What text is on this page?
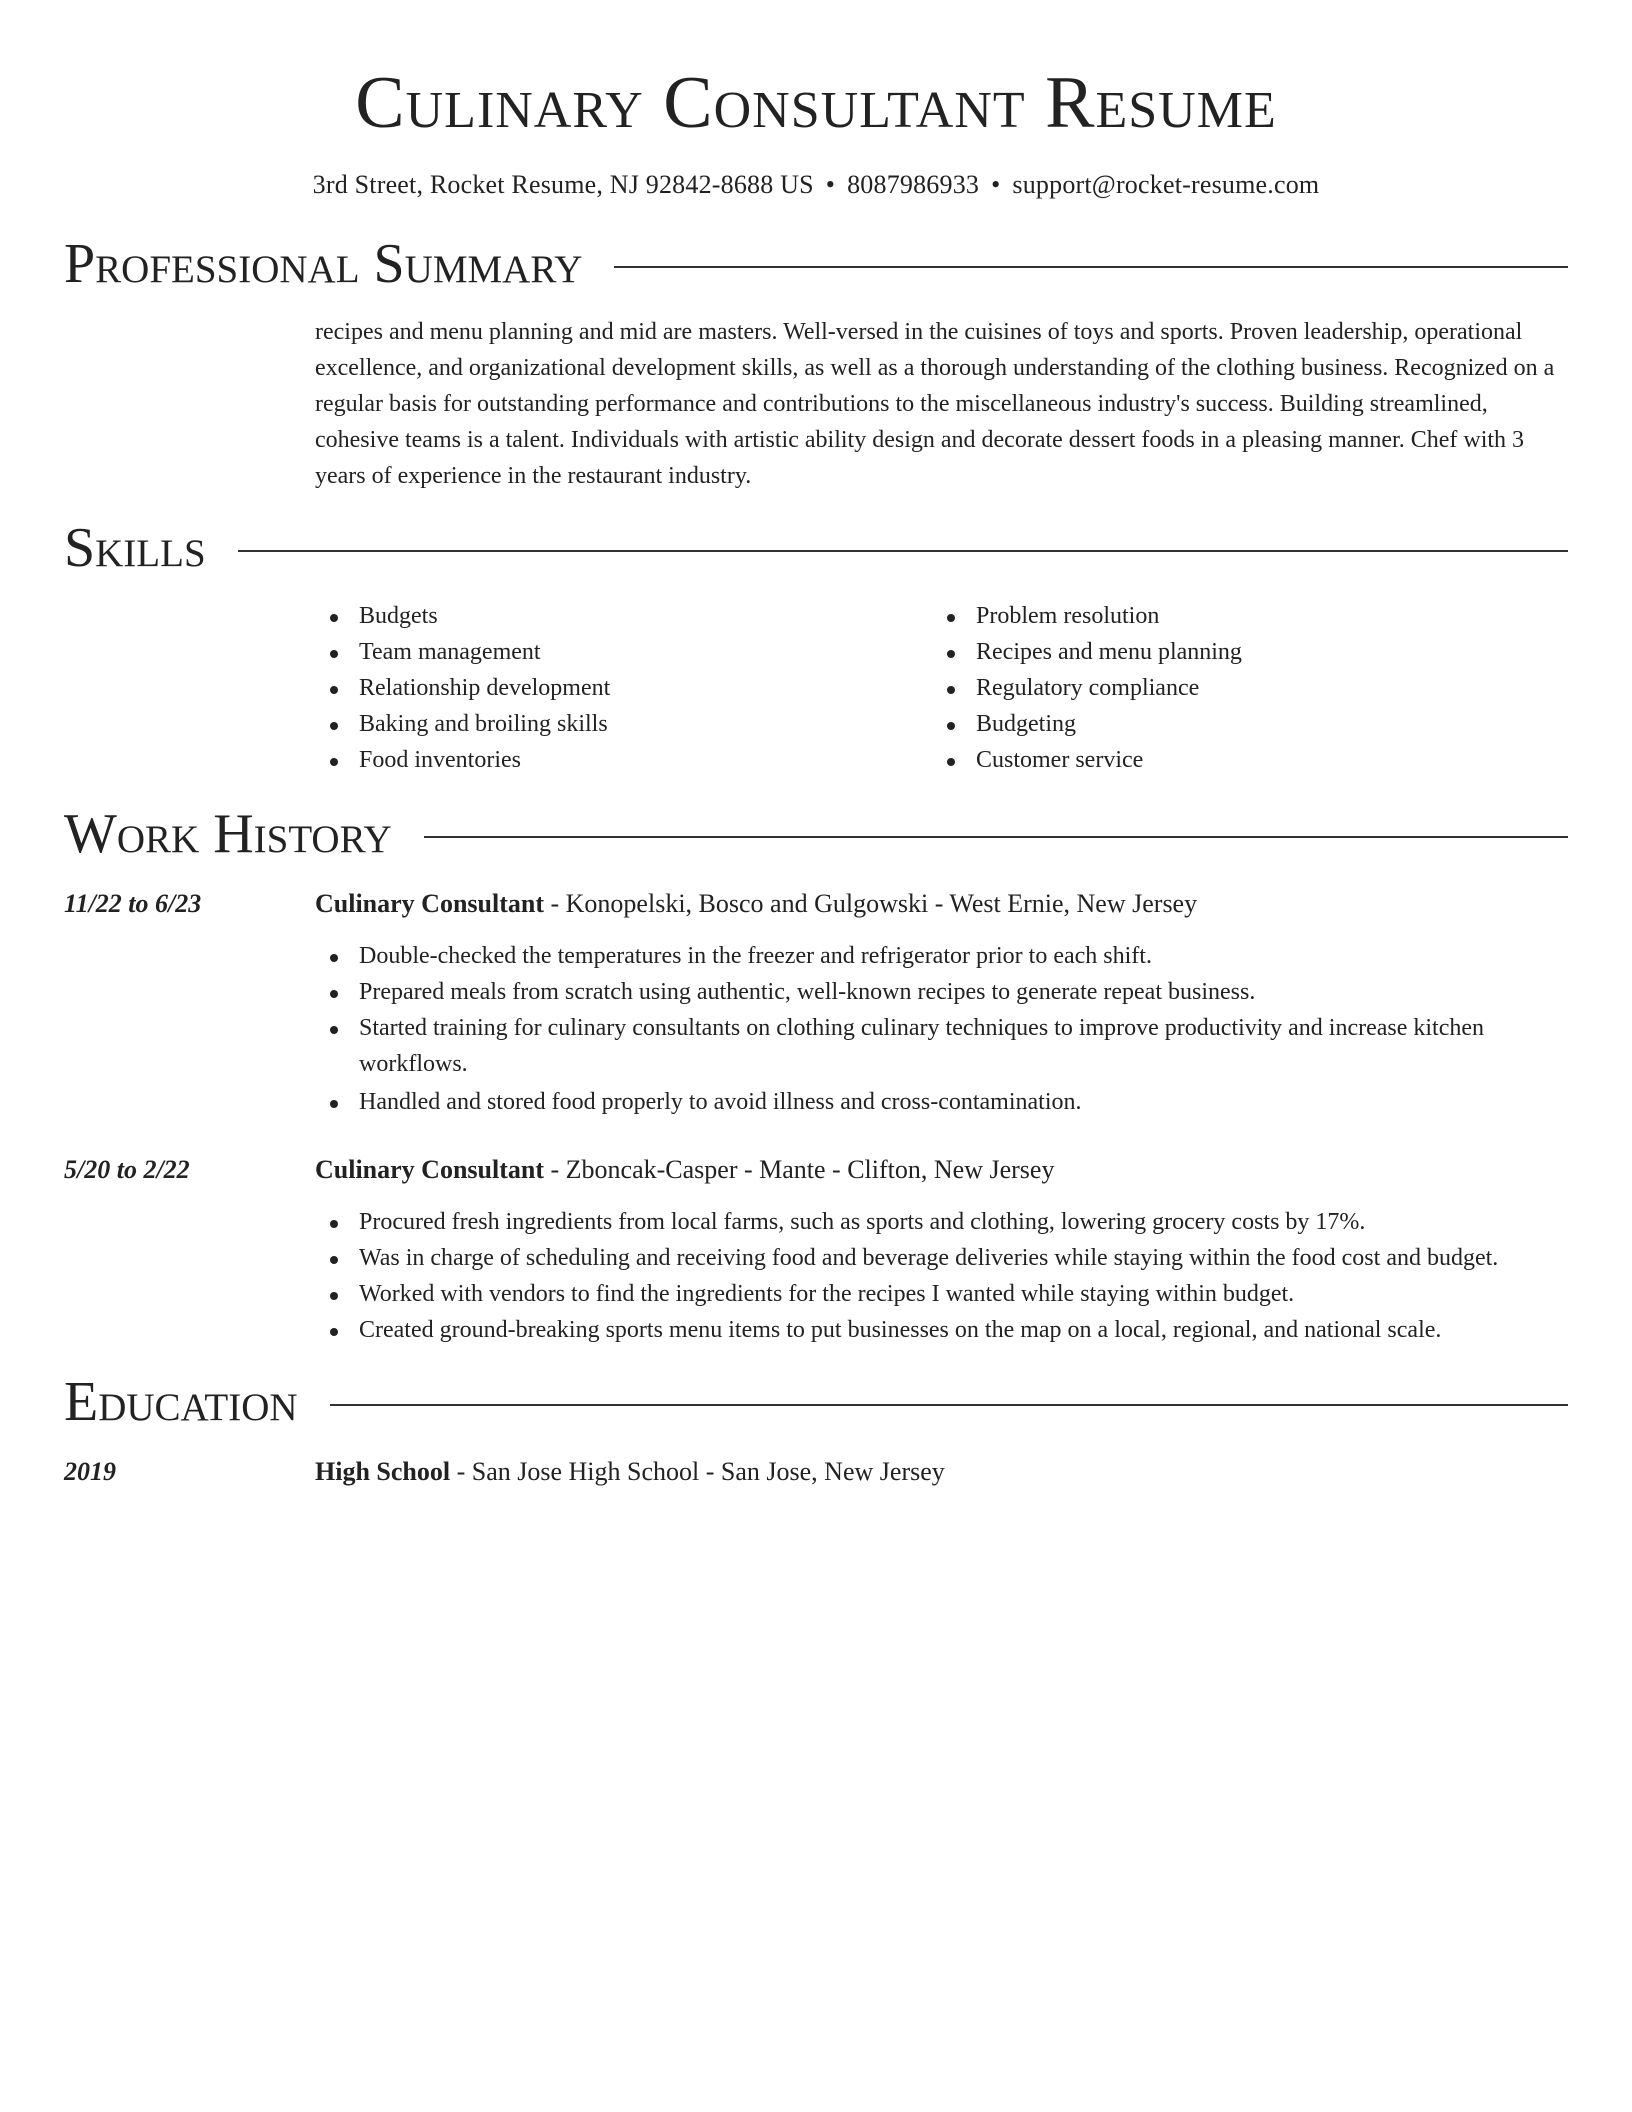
Culinary Consultant Resume
3rd Street, Rocket Resume, NJ 92842-8688 US • 8087986933 • support@rocket-resume.com
Professional Summary
recipes and menu planning and mid are masters. Well-versed in the cuisines of toys and sports. Proven leadership, operational excellence, and organizational development skills, as well as a thorough understanding of the clothing business. Recognized on a regular basis for outstanding performance and contributions to the miscellaneous industry's success. Building streamlined, cohesive teams is a talent. Individuals with artistic ability design and decorate dessert foods in a pleasing manner. Chef with 3 years of experience in the restaurant industry.
Skills
Budgets
Team management
Relationship development
Baking and broiling skills
Food inventories
Problem resolution
Recipes and menu planning
Regulatory compliance
Budgeting
Customer service
Work History
11/22 to 6/23	Culinary Consultant - Konopelski, Bosco and Gulgowski - West Ernie, New Jersey
Double-checked the temperatures in the freezer and refrigerator prior to each shift.
Prepared meals from scratch using authentic, well-known recipes to generate repeat business.
Started training for culinary consultants on clothing culinary techniques to improve productivity and increase kitchen workflows.
Handled and stored food properly to avoid illness and cross-contamination.
5/20 to 2/22	Culinary Consultant - Zboncak-Casper - Mante - Clifton, New Jersey
Procured fresh ingredients from local farms, such as sports and clothing, lowering grocery costs by 17%.
Was in charge of scheduling and receiving food and beverage deliveries while staying within the food cost and budget.
Worked with vendors to find the ingredients for the recipes I wanted while staying within budget.
Created ground-breaking sports menu items to put businesses on the map on a local, regional, and national scale.
Education
2019	High School - San Jose High School - San Jose, New Jersey
